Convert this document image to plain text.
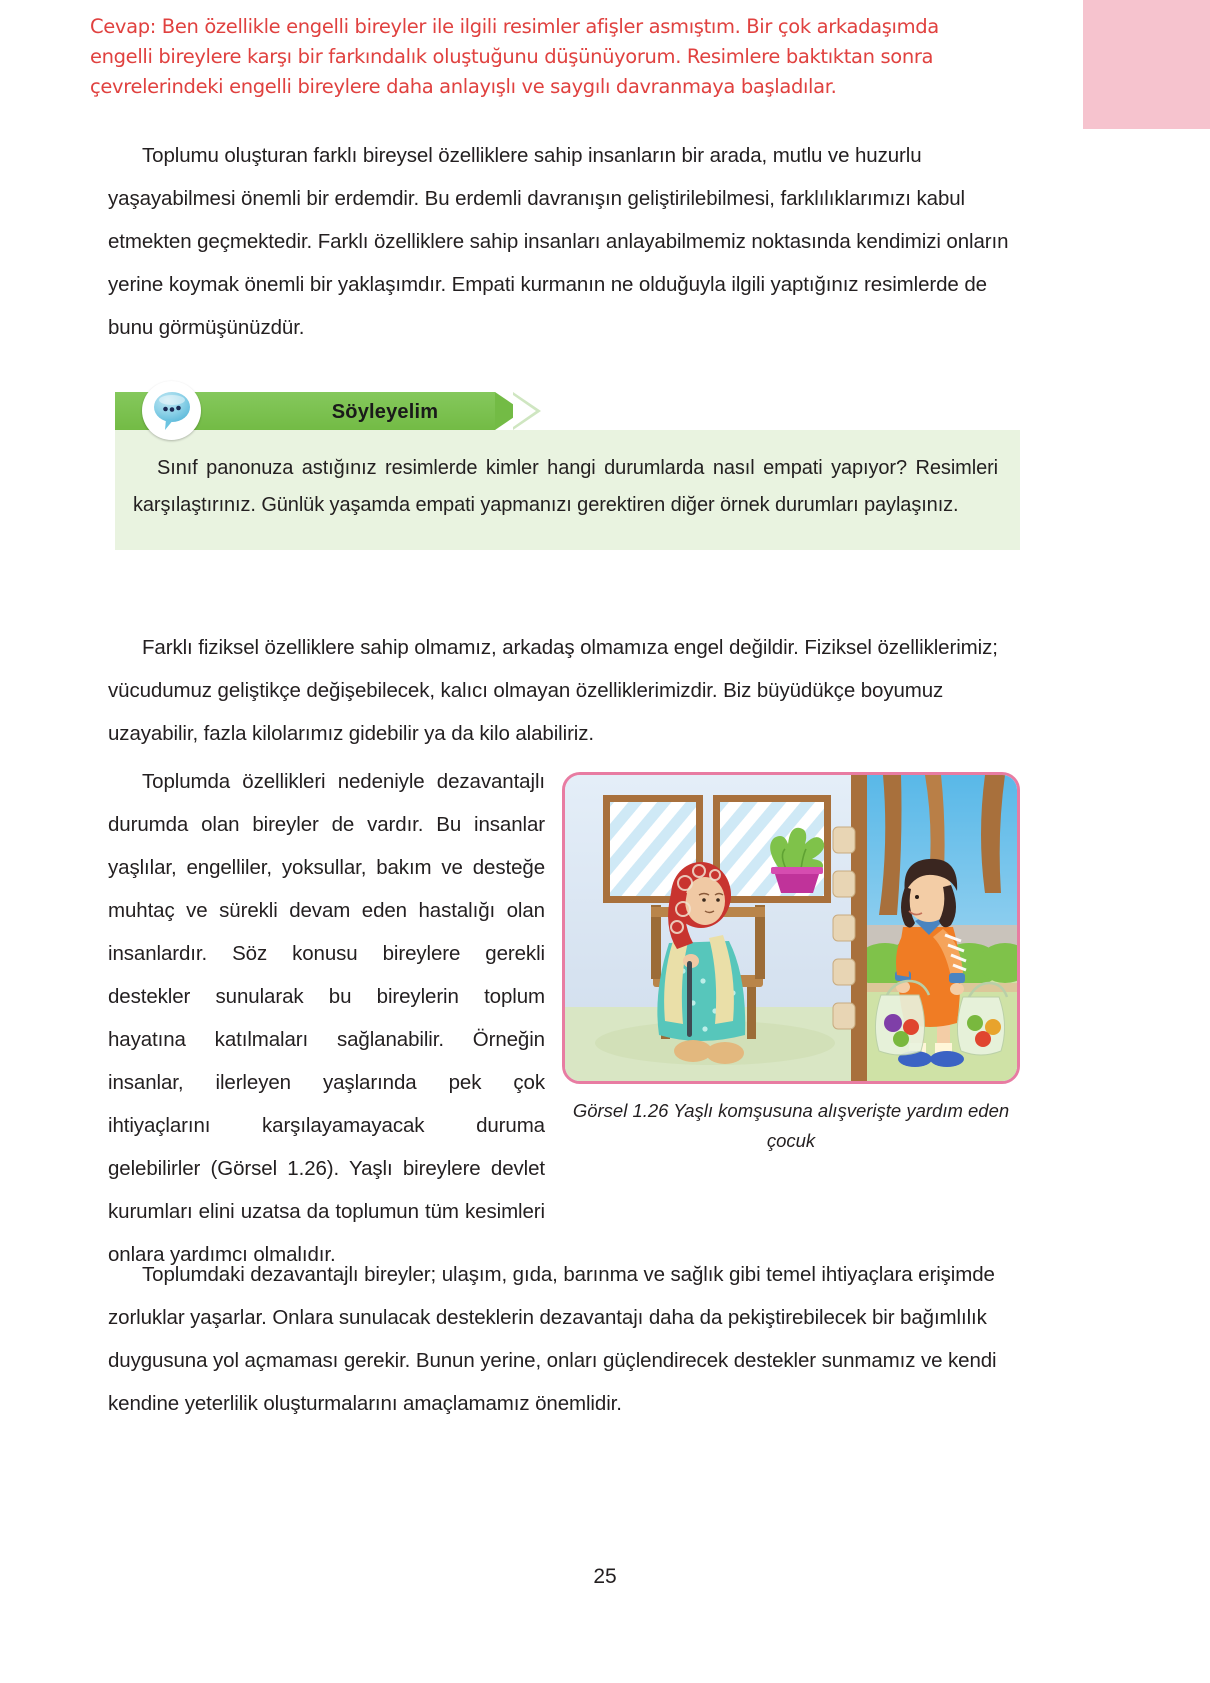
Cevap: Ben özellikle engelli bireyler ile ilgili resimler afişler asmıştım. Bir çok arkadaşımda engelli bireylere karşı bir farkındalık oluştuğunu düşünüyorum. Resimlere baktıktan sonra çevrelerindeki engelli bireylere daha anlayışlı ve saygılı davranmaya başladılar.

Toplumu oluşturan farklı bireysel özelliklere sahip insanların bir arada, mutlu ve huzurlu yaşayabilmesi önemli bir erdemdir. Bu erdemli davranışın geliştirilebilmesi, farklılıklarımızı kabul etmekten geçmektedir. Farklı özelliklere sahip insanları anlayabilmemiz noktasında kendimizi onların yerine koymak önemli bir yaklaşımdır. Empati kurmanın ne olduğuyla ilgili yaptığınız resimlerde de bunu görmüşünüzdür.

Söyleyelim

Sınıf panonuza astığınız resimlerde kimler hangi durumlarda nasıl empati yapıyor? Resimleri karşılaştırınız. Günlük yaşamda empati yapmanızı gerektiren diğer örnek durumları paylaşınız.

Farklı fiziksel özelliklere sahip olmamız, arkadaş olmamıza engel değildir. Fiziksel özelliklerimiz; vücudumuz geliştikçe değişebilecek, kalıcı olmayan özelliklerimizdir. Biz büyüdükçe boyumuz uzayabilir, fazla kilolarımız gidebilir ya da kilo alabiliriz.

Toplumda özellikleri nedeniyle dezavantajlı durumda olan bireyler de vardır. Bu insanlar yaşlılar, engelliler, yoksullar, bakım ve desteğe muhtaç ve sürekli devam eden hastalığı olan insanlardır. Söz konusu bireylere gerekli destekler sunularak bu bireylerin toplum hayatına katılmaları sağlanabilir. Örneğin insanlar, ilerleyen yaşlarında pek çok ihtiyaçlarını karşılayamayacak duruma gelebilirler (Görsel 1.26). Yaşlı bireylere devlet kurumları elini uzatsa da toplumun tüm kesimleri onlara yardımcı olmalıdır.

Görsel 1.26 Yaşlı komşusuna alışverişte yardım eden çocuk

Toplumdaki dezavantajlı bireyler; ulaşım, gıda, barınma ve sağlık gibi temel ihtiyaçlara erişimde zorluklar yaşarlar. Onlara sunulacak desteklerin dezavantajı daha da pekiştirebilecek bir bağımlılık duygusuna yol açmaması gerekir. Bunun yerine, onları güçlendirecek destekler sunmamız ve kendi kendine yeterlilik oluşturmalarını amaçlamamız önemlidir.

25
